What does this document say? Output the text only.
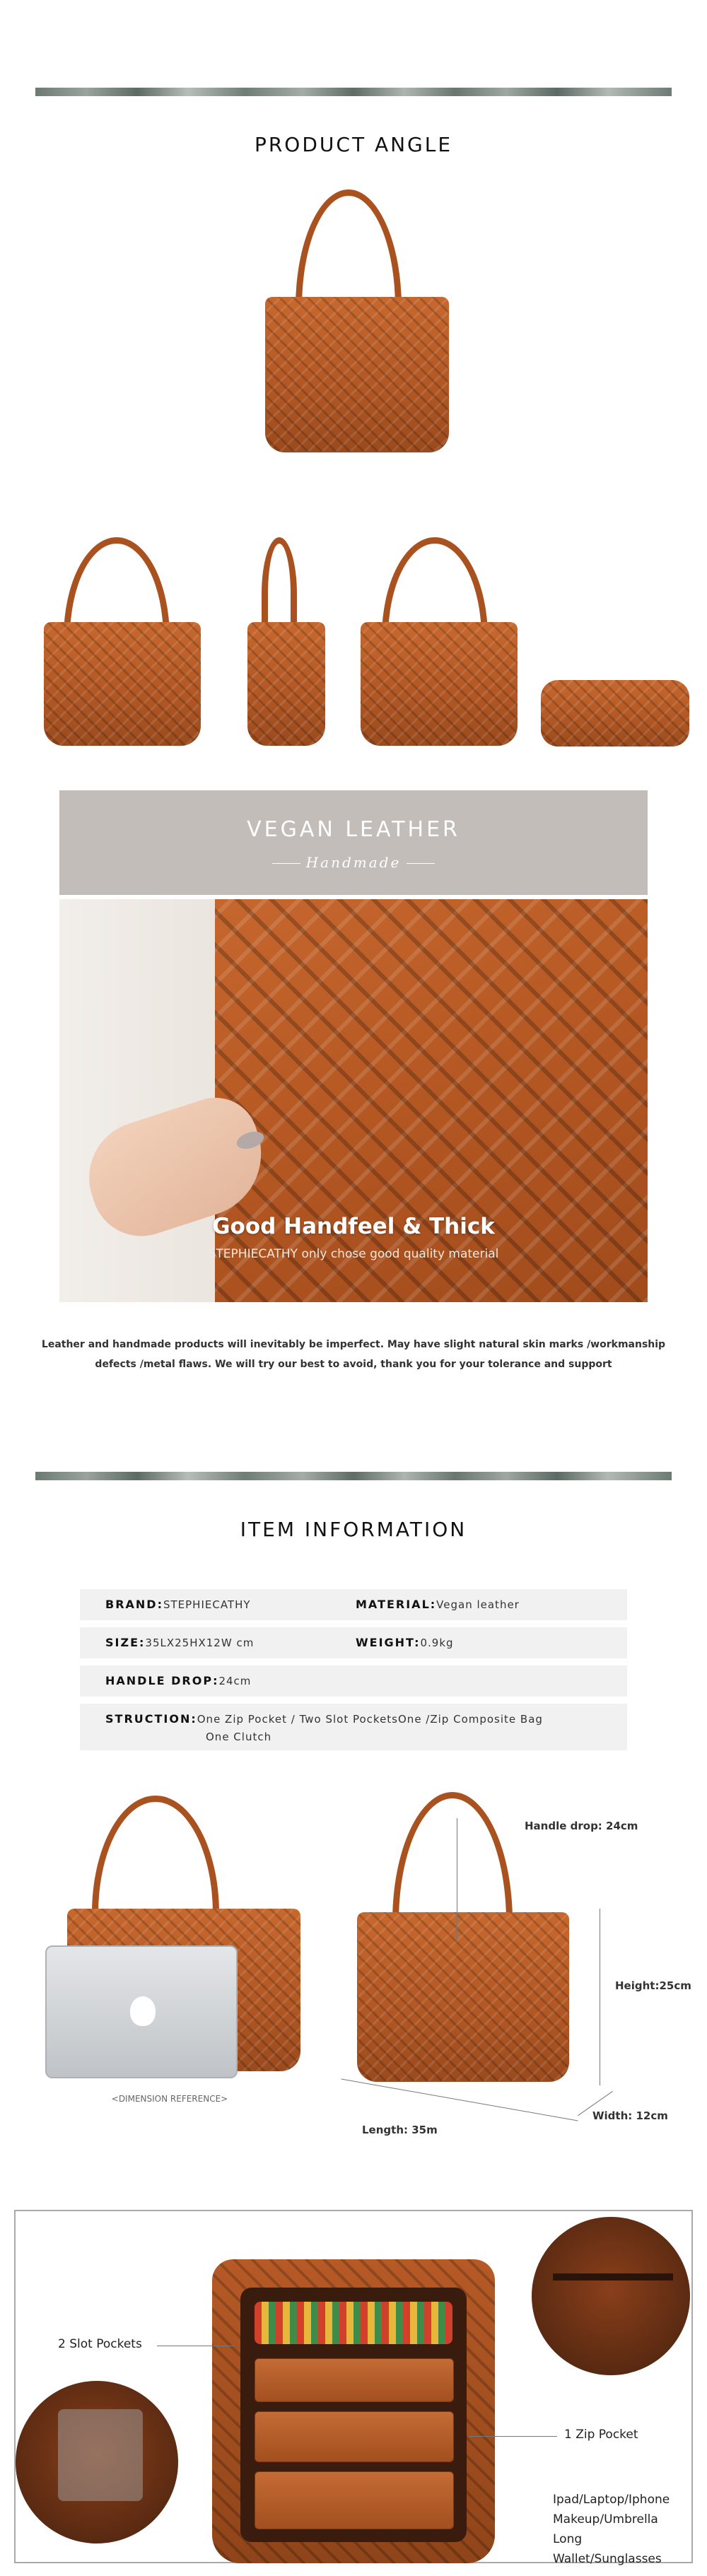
PRODUCT ANGLE
VEGAN LEATHER
Handmade
Good Handfeel & Thick
STEPHIECATHY only chose good quality material
Leather and handmade products will inevitably be imperfect. May have slight natural skin marks /workmanship
defects /metal flaws. We will try our best to avoid, thank you for your tolerance and support
ITEM INFORMATION
BRAND:STEPHIECATHY	MATERIAL:Vegan leather
SIZE:35LX25HX12W cm	WEIGHT:0.9kg
HANDLE DROP:24cm
STRUCTION:One Zip Pocket / Two Slot PocketsOne /Zip Composite Bag
One Clutch
<DIMENSION REFERENCE>
Handle drop: 24cm
Height:25cm
Length: 35m
Width: 12cm
2 Slot Pockets
1 Zip Pocket
Ipad/Laptop/Iphone
Makeup/Umbrella
Long Wallet/Sunglasses
